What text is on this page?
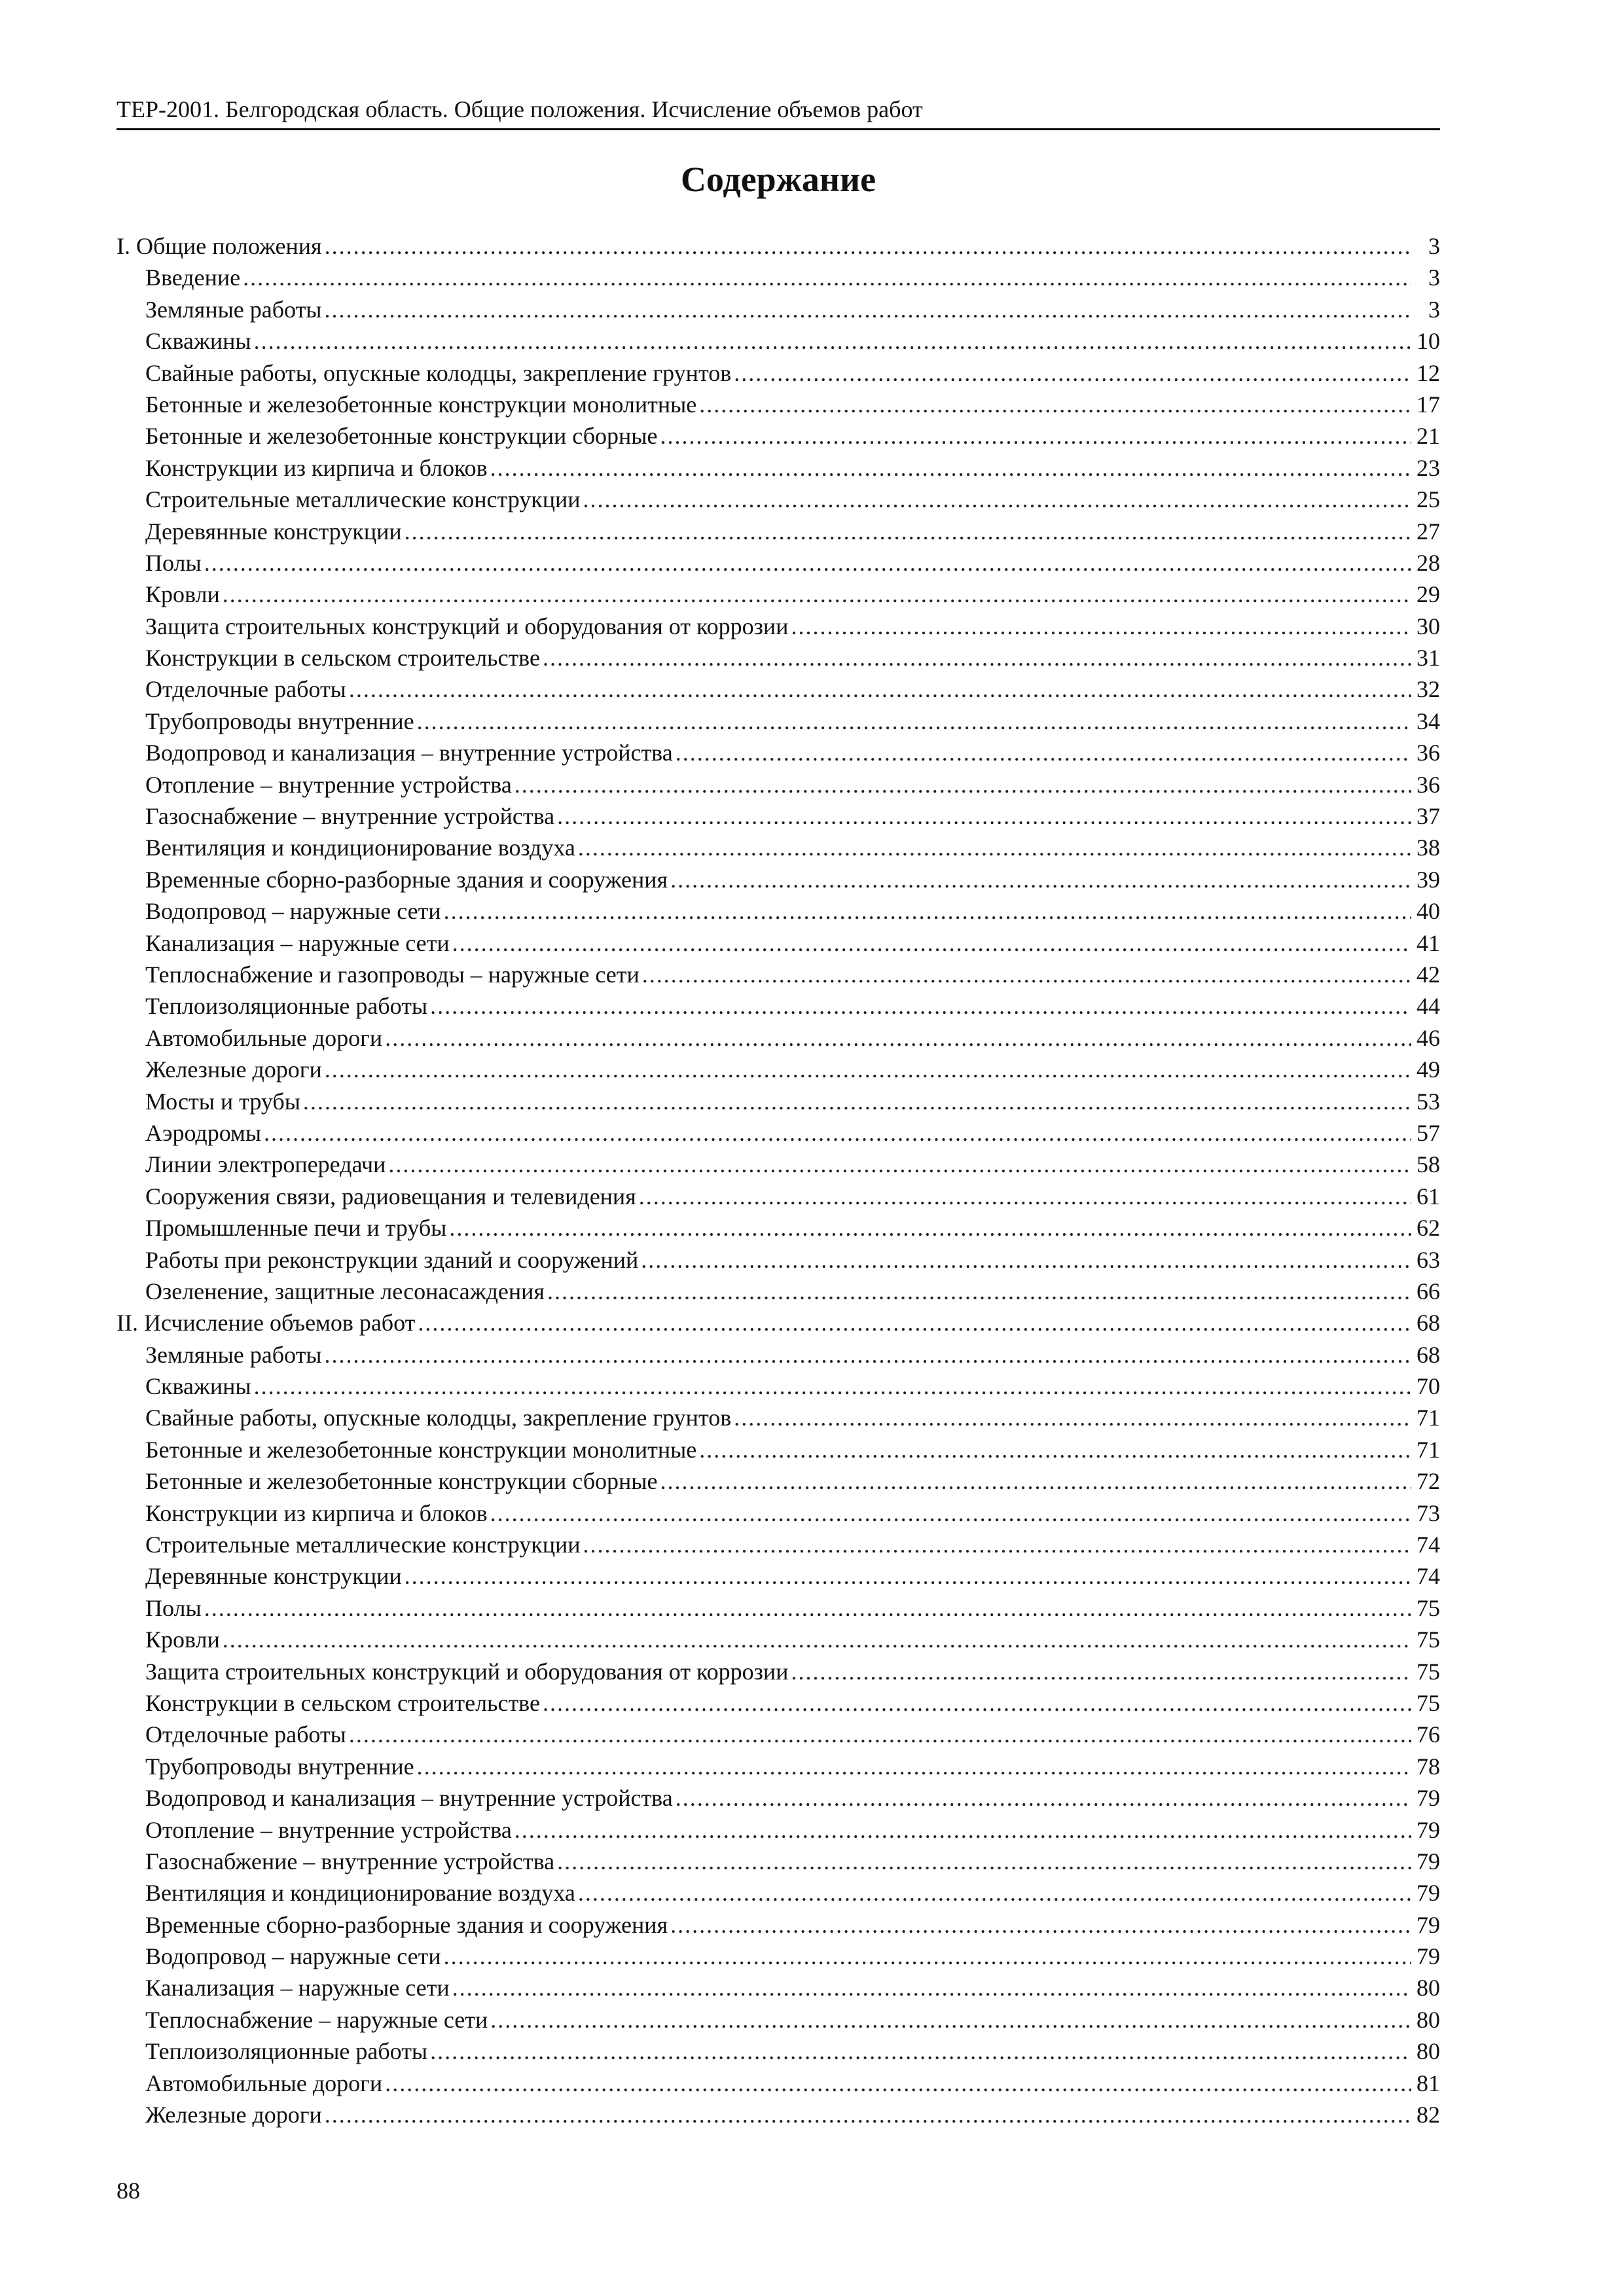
ТЕР-2001. Белгородская область. Общие положения. Исчисление объемов работ
Содержание
I. Общие положения .....	3
Введение .....	3
Земляные работы .....	3
Скважины .....	10
Свайные работы, опускные колодцы, закрепление грунтов .....	12
Бетонные и железобетонные конструкции монолитные .....	17
Бетонные и железобетонные конструкции сборные .....	21
Конструкции из кирпича и блоков .....	23
Строительные металлические конструкции .....	25
Деревянные конструкции .....	27
Полы .....	28
Кровли .....	29
Защита строительных конструкций и оборудования от коррозии .....	30
Конструкции в сельском строительстве .....	31
Отделочные работы .....	32
Трубопроводы внутренние .....	34
Водопровод и канализация – внутренние устройства .....	36
Отопление – внутренние устройства .....	36
Газоснабжение – внутренние устройства .....	37
Вентиляция и кондиционирование воздуха .....	38
Временные сборно-разборные здания и сооружения .....	39
Водопровод – наружные сети .....	40
Канализация – наружные сети .....	41
Теплоснабжение и газопроводы – наружные сети .....	42
Теплоизоляционные работы .....	44
Автомобильные дороги .....	46
Железные дороги .....	49
Мосты и трубы .....	53
Аэродромы .....	57
Линии электропередачи .....	58
Сооружения связи, радиовещания и телевидения .....	61
Промышленные печи и трубы .....	62
Работы при реконструкции зданий и сооружений .....	63
Озеленение, защитные лесонасаждения .....	66
II. Исчисление объемов работ .....	68
Земляные работы .....	68
Скважины .....	70
Свайные работы, опускные колодцы, закрепление грунтов .....	71
Бетонные и железобетонные конструкции монолитные .....	71
Бетонные и железобетонные конструкции сборные .....	72
Конструкции из кирпича и блоков .....	73
Строительные металлические конструкции .....	74
Деревянные конструкции .....	74
Полы .....	75
Кровли .....	75
Защита строительных конструкций и оборудования от коррозии .....	75
Конструкции в сельском строительстве .....	75
Отделочные работы .....	76
Трубопроводы внутренние .....	78
Водопровод и канализация – внутренние устройства .....	79
Отопление – внутренние устройства .....	79
Газоснабжение – внутренние устройства .....	79
Вентиляция и кондиционирование воздуха .....	79
Временные сборно-разборные здания и сооружения .....	79
Водопровод – наружные сети .....	79
Канализация – наружные сети .....	80
Теплоснабжение – наружные сети .....	80
Теплоизоляционные работы .....	80
Автомобильные дороги .....	81
Железные дороги .....	82
88
